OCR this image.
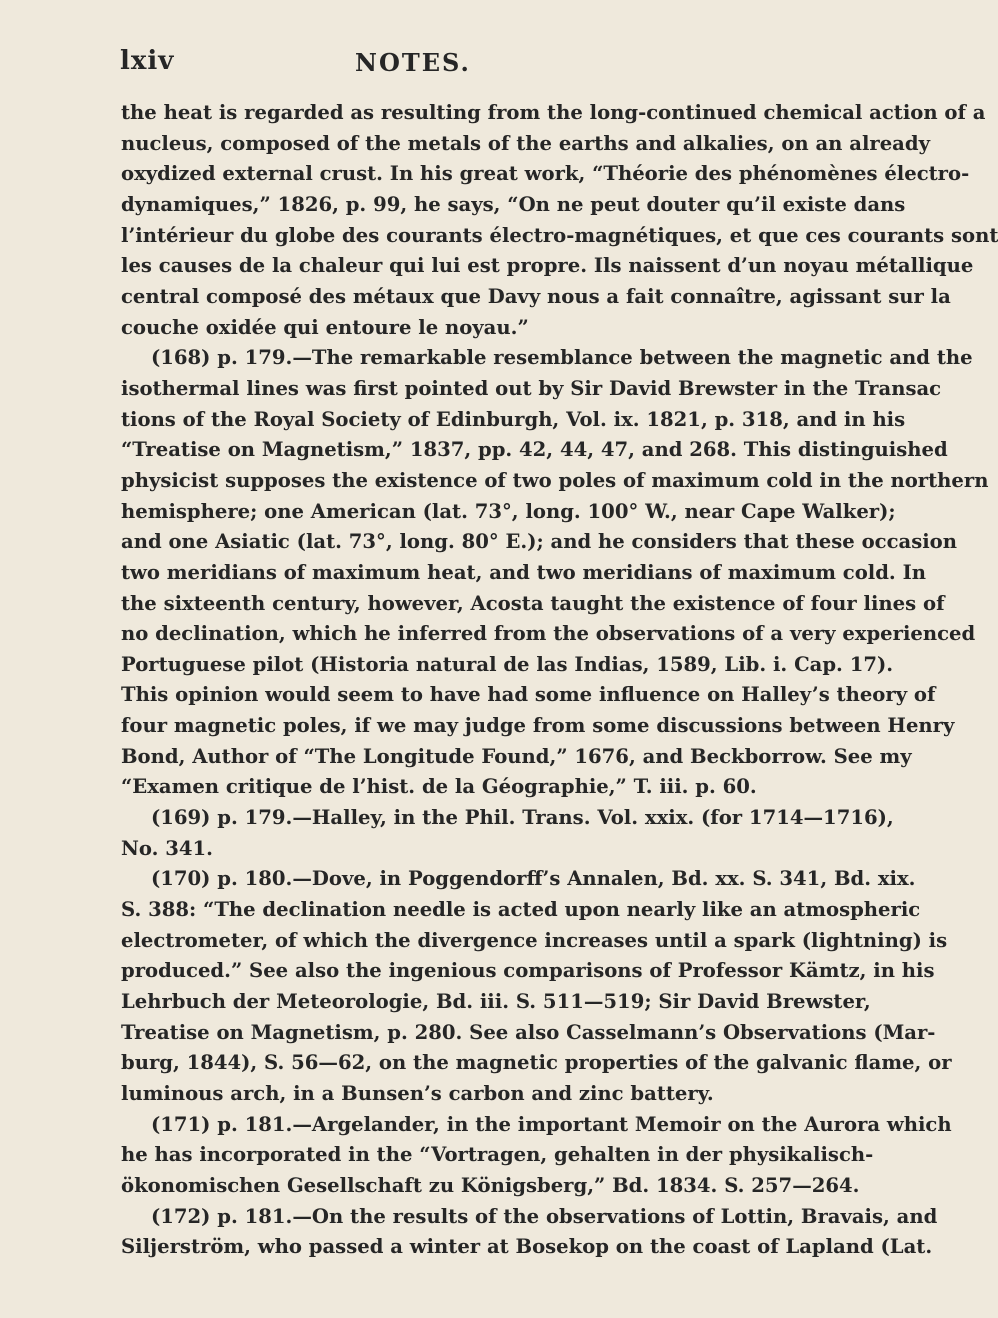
lxiv	NOTES.

the heat is regarded as resulting from the long-continued chemical action of a
nucleus, composed of the metals of the earths and alkalies, on an already
oxydized external crust. In his great work, “Théorie des phénomènes électro-
dynamiques,” 1826, p. 99, he says, “On ne peut douter qu’il existe dans
l’intérieur du globe des courants électro-magnétiques, et que ces courants sont
les causes de la chaleur qui lui est propre. Ils naissent d’un noyau métallique
central composé des métaux que Davy nous a fait connaître, agissant sur la
couche oxidée qui entoure le noyau.”

(168) p. 179.—The remarkable resemblance between the magnetic and the
isothermal lines was first pointed out by Sir David Brewster in the Transac
tions of the Royal Society of Edinburgh, Vol. ix. 1821, p. 318, and in his
“Treatise on Magnetism,” 1837, pp. 42, 44, 47, and 268. This distinguished
physicist supposes the existence of two poles of maximum cold in the northern
hemisphere; one American (lat. 73°, long. 100° W., near Cape Walker);
and one Asiatic (lat. 73°, long. 80° E.); and he considers that these occasion
two meridians of maximum heat, and two meridians of maximum cold. In
the sixteenth century, however, Acosta taught the existence of four lines of
no declination, which he inferred from the observations of a very experienced
Portuguese pilot (Historia natural de las Indias, 1589, Lib. i. Cap. 17).
This opinion would seem to have had some influence on Halley’s theory of
four magnetic poles, if we may judge from some discussions between Henry
Bond, Author of “The Longitude Found,” 1676, and Beckborrow. See my
“Examen critique de l’hist. de la Géographie,” T. iii. p. 60.

(169) p. 179.—Halley, in the Phil. Trans. Vol. xxix. (for 1714—1716),
No. 341.

(170) p. 180.—Dove, in Poggendorff’s Annalen, Bd. xx. S. 341, Bd. xix.
S. 388: “The declination needle is acted upon nearly like an atmospheric
electrometer, of which the divergence increases until a spark (lightning) is
produced.” See also the ingenious comparisons of Professor Kämtz, in his
Lehrbuch der Meteorologie, Bd. iii. S. 511—519; Sir David Brewster,
Treatise on Magnetism, p. 280. See also Casselmann’s Observations (Mar-
burg, 1844), S. 56—62, on the magnetic properties of the galvanic flame, or
luminous arch, in a Bunsen’s carbon and zinc battery.

(171) p. 181.—Argelander, in the important Memoir on the Aurora which
he has incorporated in the “Vortragen, gehalten in der physikalisch-
ökonomischen Gesellschaft zu Königsberg,” Bd. 1834. S. 257—264.

(172) p. 181.—On the results of the observations of Lottin, Bravais, and
Siljerström, who passed a winter at Bosekop on the coast of Lapland (Lat.
